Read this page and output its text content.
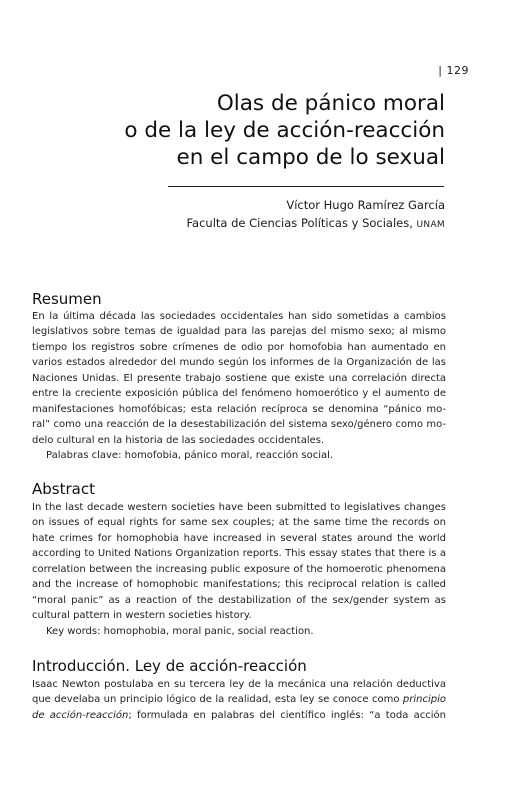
| 129
Olas de pánico moral
o de la ley de acción-reacción
en el campo de lo sexual
Víctor Hugo Ramírez García
Faculta de Ciencias Políticas y Sociales, UNAM
Resumen
En la última década las sociedades occidentales han sido sometidas a cambios
legislativos sobre temas de igualdad para las parejas del mismo sexo; al mismo
tiempo los registros sobre crímenes de odio por homofobia han aumentado en
varios estados alrededor del mundo según los informes de la Organización de las
Naciones Unidas. El presente trabajo sostiene que existe una correlación directa
entre la creciente exposición pública del fenómeno homoerótico y el aumento de
manifestaciones homofóbicas; esta relación recíproca se denomina “pánico mo-
ral” como una reacción de la desestabilización del sistema sexo/género como mo-
delo cultural en la historia de las sociedades occidentales.
Palabras clave: homofobia, pánico moral, reacción social.
Abstract
In the last decade western societies have been submitted to legislatives changes
on issues of equal rights for same sex couples; at the same time the records on
hate crimes for homophobia have increased in several states around the world
according to United Nations Organization reports. This essay states that there is a
correlation between the increasing public exposure of the homoerotic phenomena
and the increase of homophobic manifestations; this reciprocal relation is called
“moral panic” as a reaction of the destabilization of the sex/gender system as
cultural pattern in western societies history.
Key words: homophobia, moral panic, social reaction.
Introducción. Ley de acción-reacción
Isaac Newton postulaba en su tercera ley de la mecánica una relación deductiva
que develaba un principio lógico de la realidad, esta ley se conoce como principio
de acción-reacción; formulada en palabras del científico inglés: “a toda acción
